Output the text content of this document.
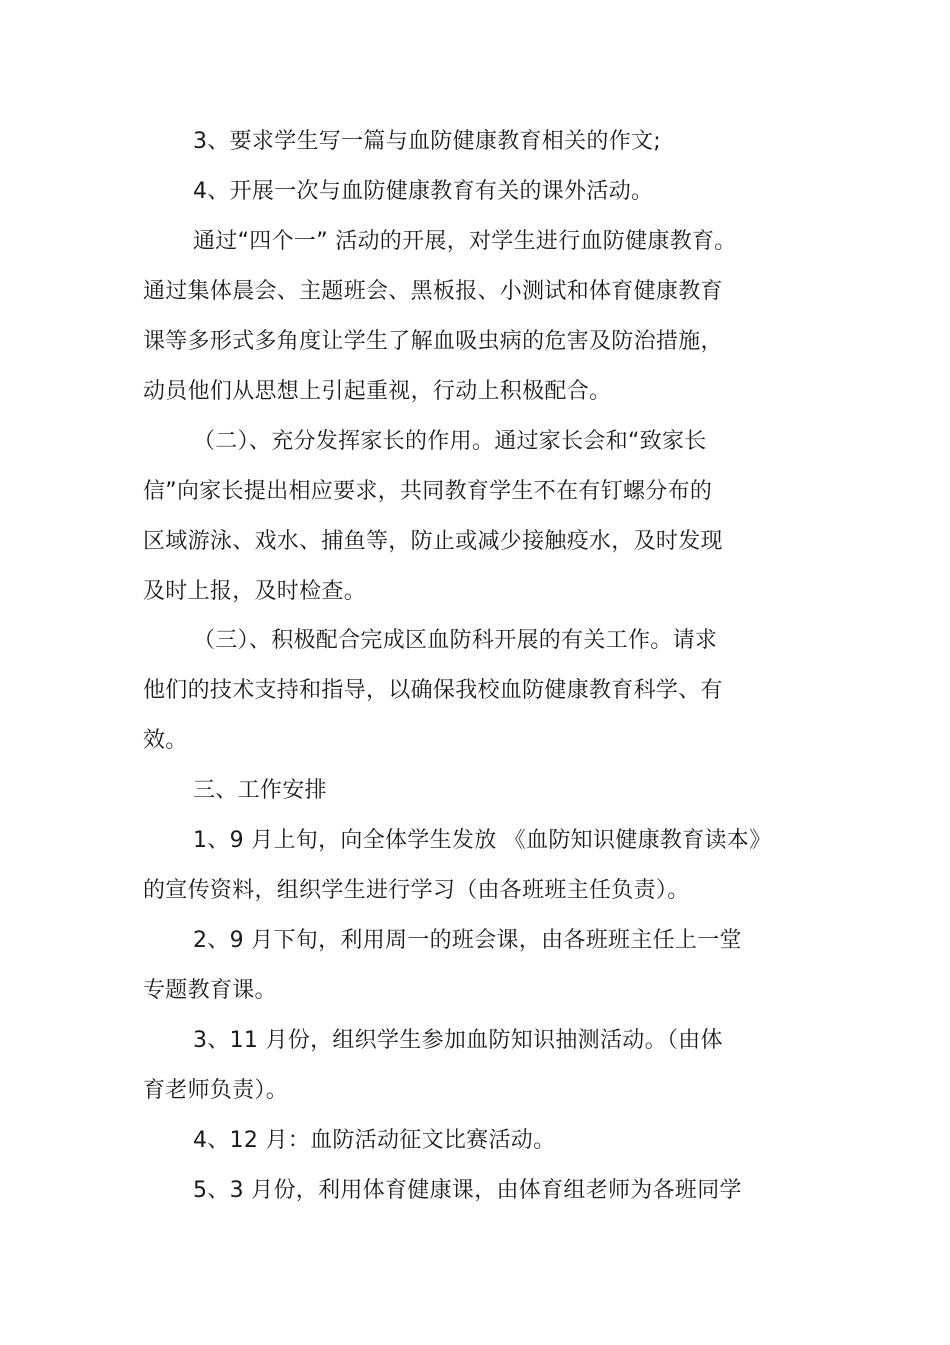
3、要求学生写一篇与血防健康教育相关的作文;
4、开展一次与血防健康教育有关的课外活动。
通过“四个一” 活动的开展，对学生进行血防健康教育。
通过集体晨会、主题班会、黑板报、小测试和体育健康教育
课等多形式多角度让学生了解血吸虫病的危害及防治措施，
动员他们从思想上引起重视，行动上积极配合。
（二）、充分发挥家长的作用。通过家长会和“致家长
信”向家长提出相应要求，共同教育学生不在有钉螺分布的
区域游泳、戏水、捕鱼等，防止或减少接触疫水，及时发现
及时上报，及时检查。
（三）、积极配合完成区血防科开展的有关工作。请求
他们的技术支持和指导，以确保我校血防健康教育科学、有
效。
三、工作安排
1、9 月上旬，向全体学生发放 《血防知识健康教育读本》
的宣传资料，组织学生进行学习（由各班班主任负责）。
2、9 月下旬，利用周一的班会课，由各班班主任上一堂
专题教育课。
3、11 月份，组织学生参加血防知识抽测活动。（由体
育老师负责）。
4、12 月：血防活动征文比赛活动。
5、3 月份，利用体育健康课，由体育组老师为各班同学
